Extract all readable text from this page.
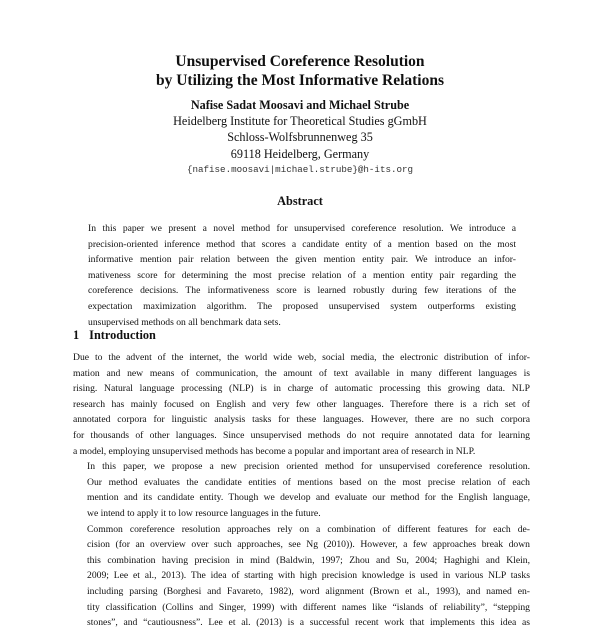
Unsupervised Coreference Resolution
by Utilizing the Most Informative Relations
Nafise Sadat Moosavi and Michael Strube
Heidelberg Institute for Theoretical Studies gGmbH
Schloss-Wolfsbrunnenweg 35
69118 Heidelberg, Germany
{nafise.moosavi|michael.strube}@h-its.org
Abstract
In this paper we present a novel method for unsupervised coreference resolution. We introduce a
precision-oriented inference method that scores a candidate entity of a mention based on the most
informative mention pair relation between the given mention entity pair. We introduce an infor-
mativeness score for determining the most precise relation of a mention entity pair regarding the
coreference decisions. The informativeness score is learned robustly during few iterations of the
expectation maximization algorithm. The proposed unsupervised system outperforms existing
unsupervised methods on all benchmark data sets.
1 Introduction

Due to the advent of the internet, the world wide web, social media, the electronic distribution of infor-
mation and new means of communication, the amount of text available in many different languages is
rising. Natural language processing (NLP) is in charge of automatic processing this growing data. NLP
research has mainly focused on English and very few other languages. Therefore there is a rich set of
annotated corpora for linguistic analysis tasks for these languages. However, there are no such corpora
for thousands of other languages. Since unsupervised methods do not require annotated data for learning
a model, employing unsupervised methods has become a popular and important area of research in NLP.

In this paper, we propose a new precision oriented method for unsupervised coreference resolution.
Our method evaluates the candidate entities of mentions based on the most precise relation of each
mention and its candidate entity. Though we develop and evaluate our method for the English language,
we intend to apply it to low resource languages in the future.

Common coreference resolution approaches rely on a combination of different features for each de-
cision (for an overview over such approaches, see Ng (2010)). However, a few approaches break down
this combination having precision in mind (Baldwin, 1997; Zhou and Su, 2004; Haghighi and Klein,
2009; Lee et al., 2013). The idea of starting with high precision knowledge is used in various NLP tasks
including parsing (Borghesi and Favareto, 1982), word alignment (Brown et al., 1993), and named en-
tity classification (Collins and Singer, 1999) with different names like “islands of reliability”, “stepping
stones”, and “cautiousness”. Lee et al. (2013) is a successful recent work that implements this idea as
